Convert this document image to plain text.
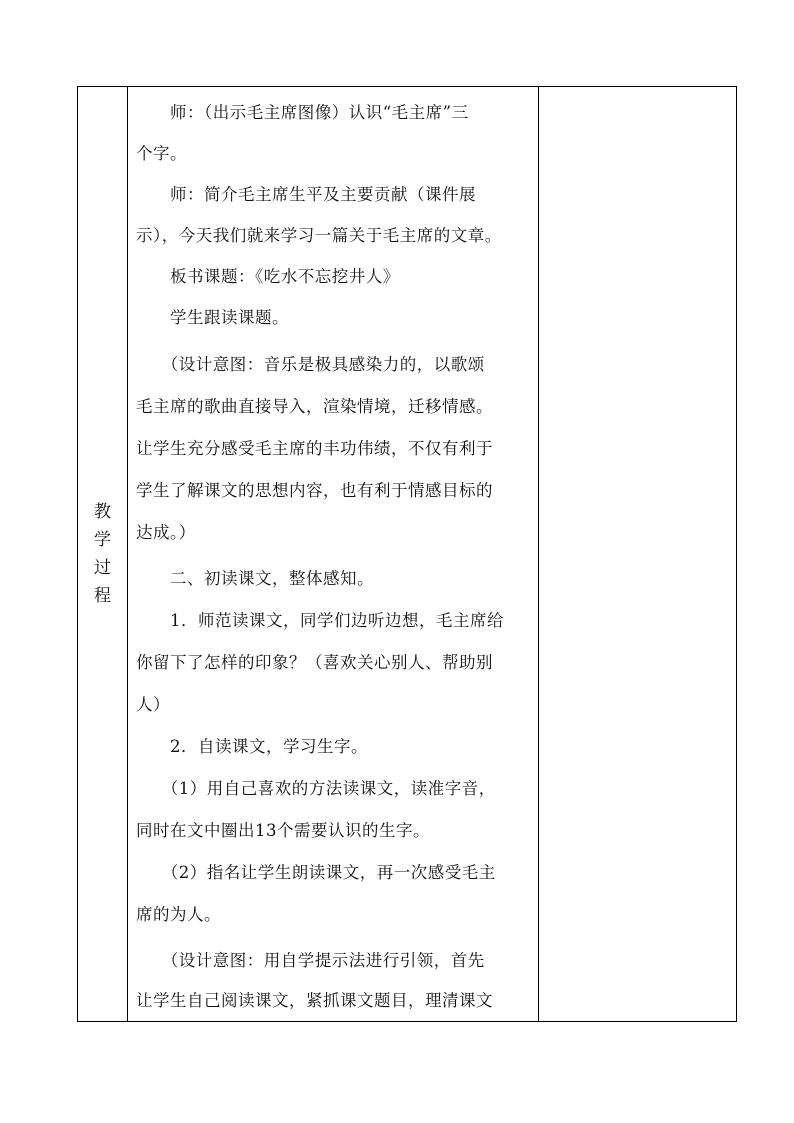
教
学
过
程

　　师：（出示毛主席图像）认识“毛主席”三

个字。

　　师：简介毛主席生平及主要贡献（课件展

示），今天我们就来学习一篇关于毛主席的文章。

　　板书课题：《吃水不忘挖井人》

　　学生跟读课题。

　　（设计意图：音乐是极具感染力的，以歌颂

毛主席的歌曲直接导入，渲染情境，迁移情感。

让学生充分感受毛主席的丰功伟绩，不仅有利于

学生了解课文的思想内容，也有利于情感目标的

达成。）

　　二、初读课文，整体感知。

　　1．师范读课文，同学们边听边想，毛主席给

你留下了怎样的印象？（喜欢关心别人、帮助别

人）

　　2．自读课文，学习生字。

　　（1）用自己喜欢的方法读课文，读准字音，

同时在文中圈出13个需要认识的生字。

　　（2）指名让学生朗读课文，再一次感受毛主

席的为人。

　　（设计意图：用自学提示法进行引领，首先

让学生自己阅读课文，紧抓课文题目，理清课文
